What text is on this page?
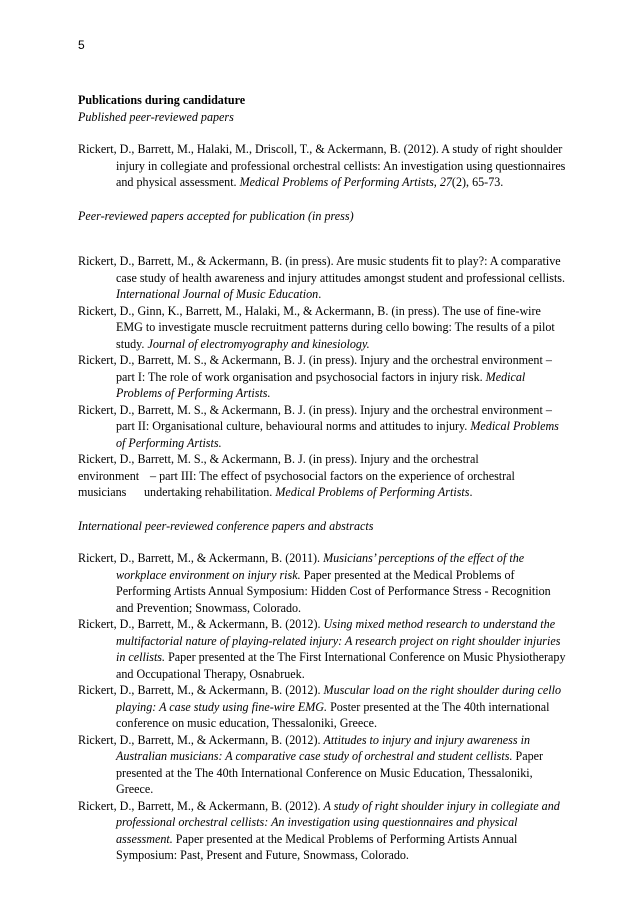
5
Publications during candidature
Published peer-reviewed papers
Rickert, D., Barrett, M., Halaki, M., Driscoll, T., & Ackermann, B. (2012). A study of right shoulder injury in collegiate and professional orchestral cellists: An investigation using questionnaires and physical assessment. Medical Problems of Performing Artists, 27(2), 65-73.
Peer-reviewed papers accepted for publication (in press)
Rickert, D., Barrett, M., & Ackermann, B. (in press). Are music students fit to play?: A comparative case study of health awareness and injury attitudes amongst student and professional cellists. International Journal of Music Education.
Rickert, D., Ginn, K., Barrett, M., Halaki, M., & Ackermann, B. (in press). The use of fine-wire EMG to investigate muscle recruitment patterns during cello bowing: The results of a pilot study. Journal of electromyography and kinesiology.
Rickert, D., Barrett, M. S., & Ackermann, B. J. (in press). Injury and the orchestral environment – part I: The role of work organisation and psychosocial factors in injury risk. Medical Problems of Performing Artists.
Rickert, D., Barrett, M. S., & Ackermann, B. J. (in press). Injury and the orchestral environment – part II: Organisational culture, behavioural norms and attitudes to injury. Medical Problems of Performing Artists.
Rickert, D., Barrett, M. S., & Ackermann, B. J. (in press). Injury and the orchestral
environment – part III: The effect of psychosocial factors on the experience of orchestral
musicians undertaking rehabilitation. Medical Problems of Performing Artists.
International peer-reviewed conference papers and abstracts
Rickert, D., Barrett, M., & Ackermann, B. (2011). Musicians’ perceptions of the effect of the workplace environment on injury risk. Paper presented at the Medical Problems of Performing Artists Annual Symposium: Hidden Cost of Performance Stress - Recognition and Prevention; Snowmass, Colorado.
Rickert, D., Barrett, M., & Ackermann, B. (2012). Using mixed method research to understand the multifactorial nature of playing-related injury: A research project on right shoulder injuries in cellists. Paper presented at the The First International Conference on Music Physiotherapy and Occupational Therapy, Osnabruek.
Rickert, D., Barrett, M., & Ackermann, B. (2012). Muscular load on the right shoulder during cello playing: A case study using fine-wire EMG. Poster presented at the The 40th international conference on music education, Thessaloniki, Greece.
Rickert, D., Barrett, M., & Ackermann, B. (2012). Attitudes to injury and injury awareness in Australian musicians: A comparative case study of orchestral and student cellists. Paper presented at the The 40th International Conference on Music Education, Thessaloniki, Greece.
Rickert, D., Barrett, M., & Ackermann, B. (2012). A study of right shoulder injury in collegiate and professional orchestral cellists: An investigation using questionnaires and physical assessment. Paper presented at the Medical Problems of Performing Artists Annual Symposium: Past, Present and Future, Snowmass, Colorado.
